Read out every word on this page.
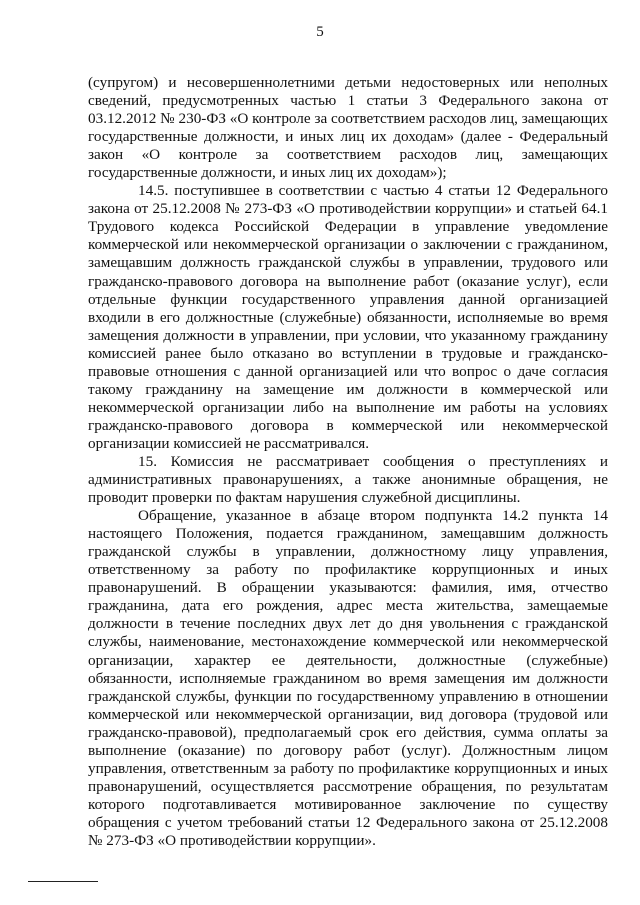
5

(супругом) и несовершеннолетними детьми недостоверных или неполных сведений, предусмотренных частью 1 статьи 3 Федерального закона от 03.12.2012 № 230-ФЗ «О контроле за соответствием расходов лиц, замещающих государственные должности, и иных лиц их доходам» (далее - Федеральный закон «О контроле за соответствием расходов лиц, замещающих государственные должности, и иных лиц их доходам»);

14.5. поступившее в соответствии с частью 4 статьи 12 Федерального закона от 25.12.2008 № 273-ФЗ «О противодействии коррупции» и статьей 64.1 Трудового кодекса Российской Федерации в управление уведомление коммерческой или некоммерческой организации о заключении с гражданином, замещавшим должность гражданской службы в управлении, трудового или гражданско-правового договора на выполнение работ (оказание услуг), если отдельные функции государственного управления данной организацией входили в его должностные (служебные) обязанности, исполняемые во время замещения должности в управлении, при условии, что указанному гражданину комиссией ранее было отказано во вступлении в трудовые и гражданско-правовые отношения с данной организацией или что вопрос о даче согласия такому гражданину на замещение им должности в коммерческой или некоммерческой организации либо на выполнение им работы на условиях гражданско-правового договора в коммерческой или некоммерческой организации комиссией не рассматривался.

15. Комиссия не рассматривает сообщения о преступлениях и административных правонарушениях, а также анонимные обращения, не проводит проверки по фактам нарушения служебной дисциплины.

Обращение, указанное в абзаце втором подпункта 14.2 пункта 14 настоящего Положения, подается гражданином, замещавшим должность гражданской службы в управлении, должностному лицу управления, ответственному за работу по профилактике коррупционных и иных правонарушений. В обращении указываются: фамилия, имя, отчество гражданина, дата его рождения, адрес места жительства, замещаемые должности в течение последних двух лет до дня увольнения с гражданской службы, наименование, местонахождение коммерческой или некоммерческой организации, характер ее деятельности, должностные (служебные) обязанности, исполняемые гражданином во время замещения им должности гражданской службы, функции по государственному управлению в отношении коммерческой или некоммерческой организации, вид договора (трудовой или гражданско-правовой), предполагаемый срок его действия, сумма оплаты за выполнение (оказание) по договору работ (услуг). Должностным лицом управления, ответственным за работу по профилактике коррупционных и иных правонарушений, осуществляется рассмотрение обращения, по результатам которого подготавливается мотивированное заключение по существу обращения с учетом требований статьи 12 Федерального закона от 25.12.2008 № 273-ФЗ «О противодействии коррупции».
